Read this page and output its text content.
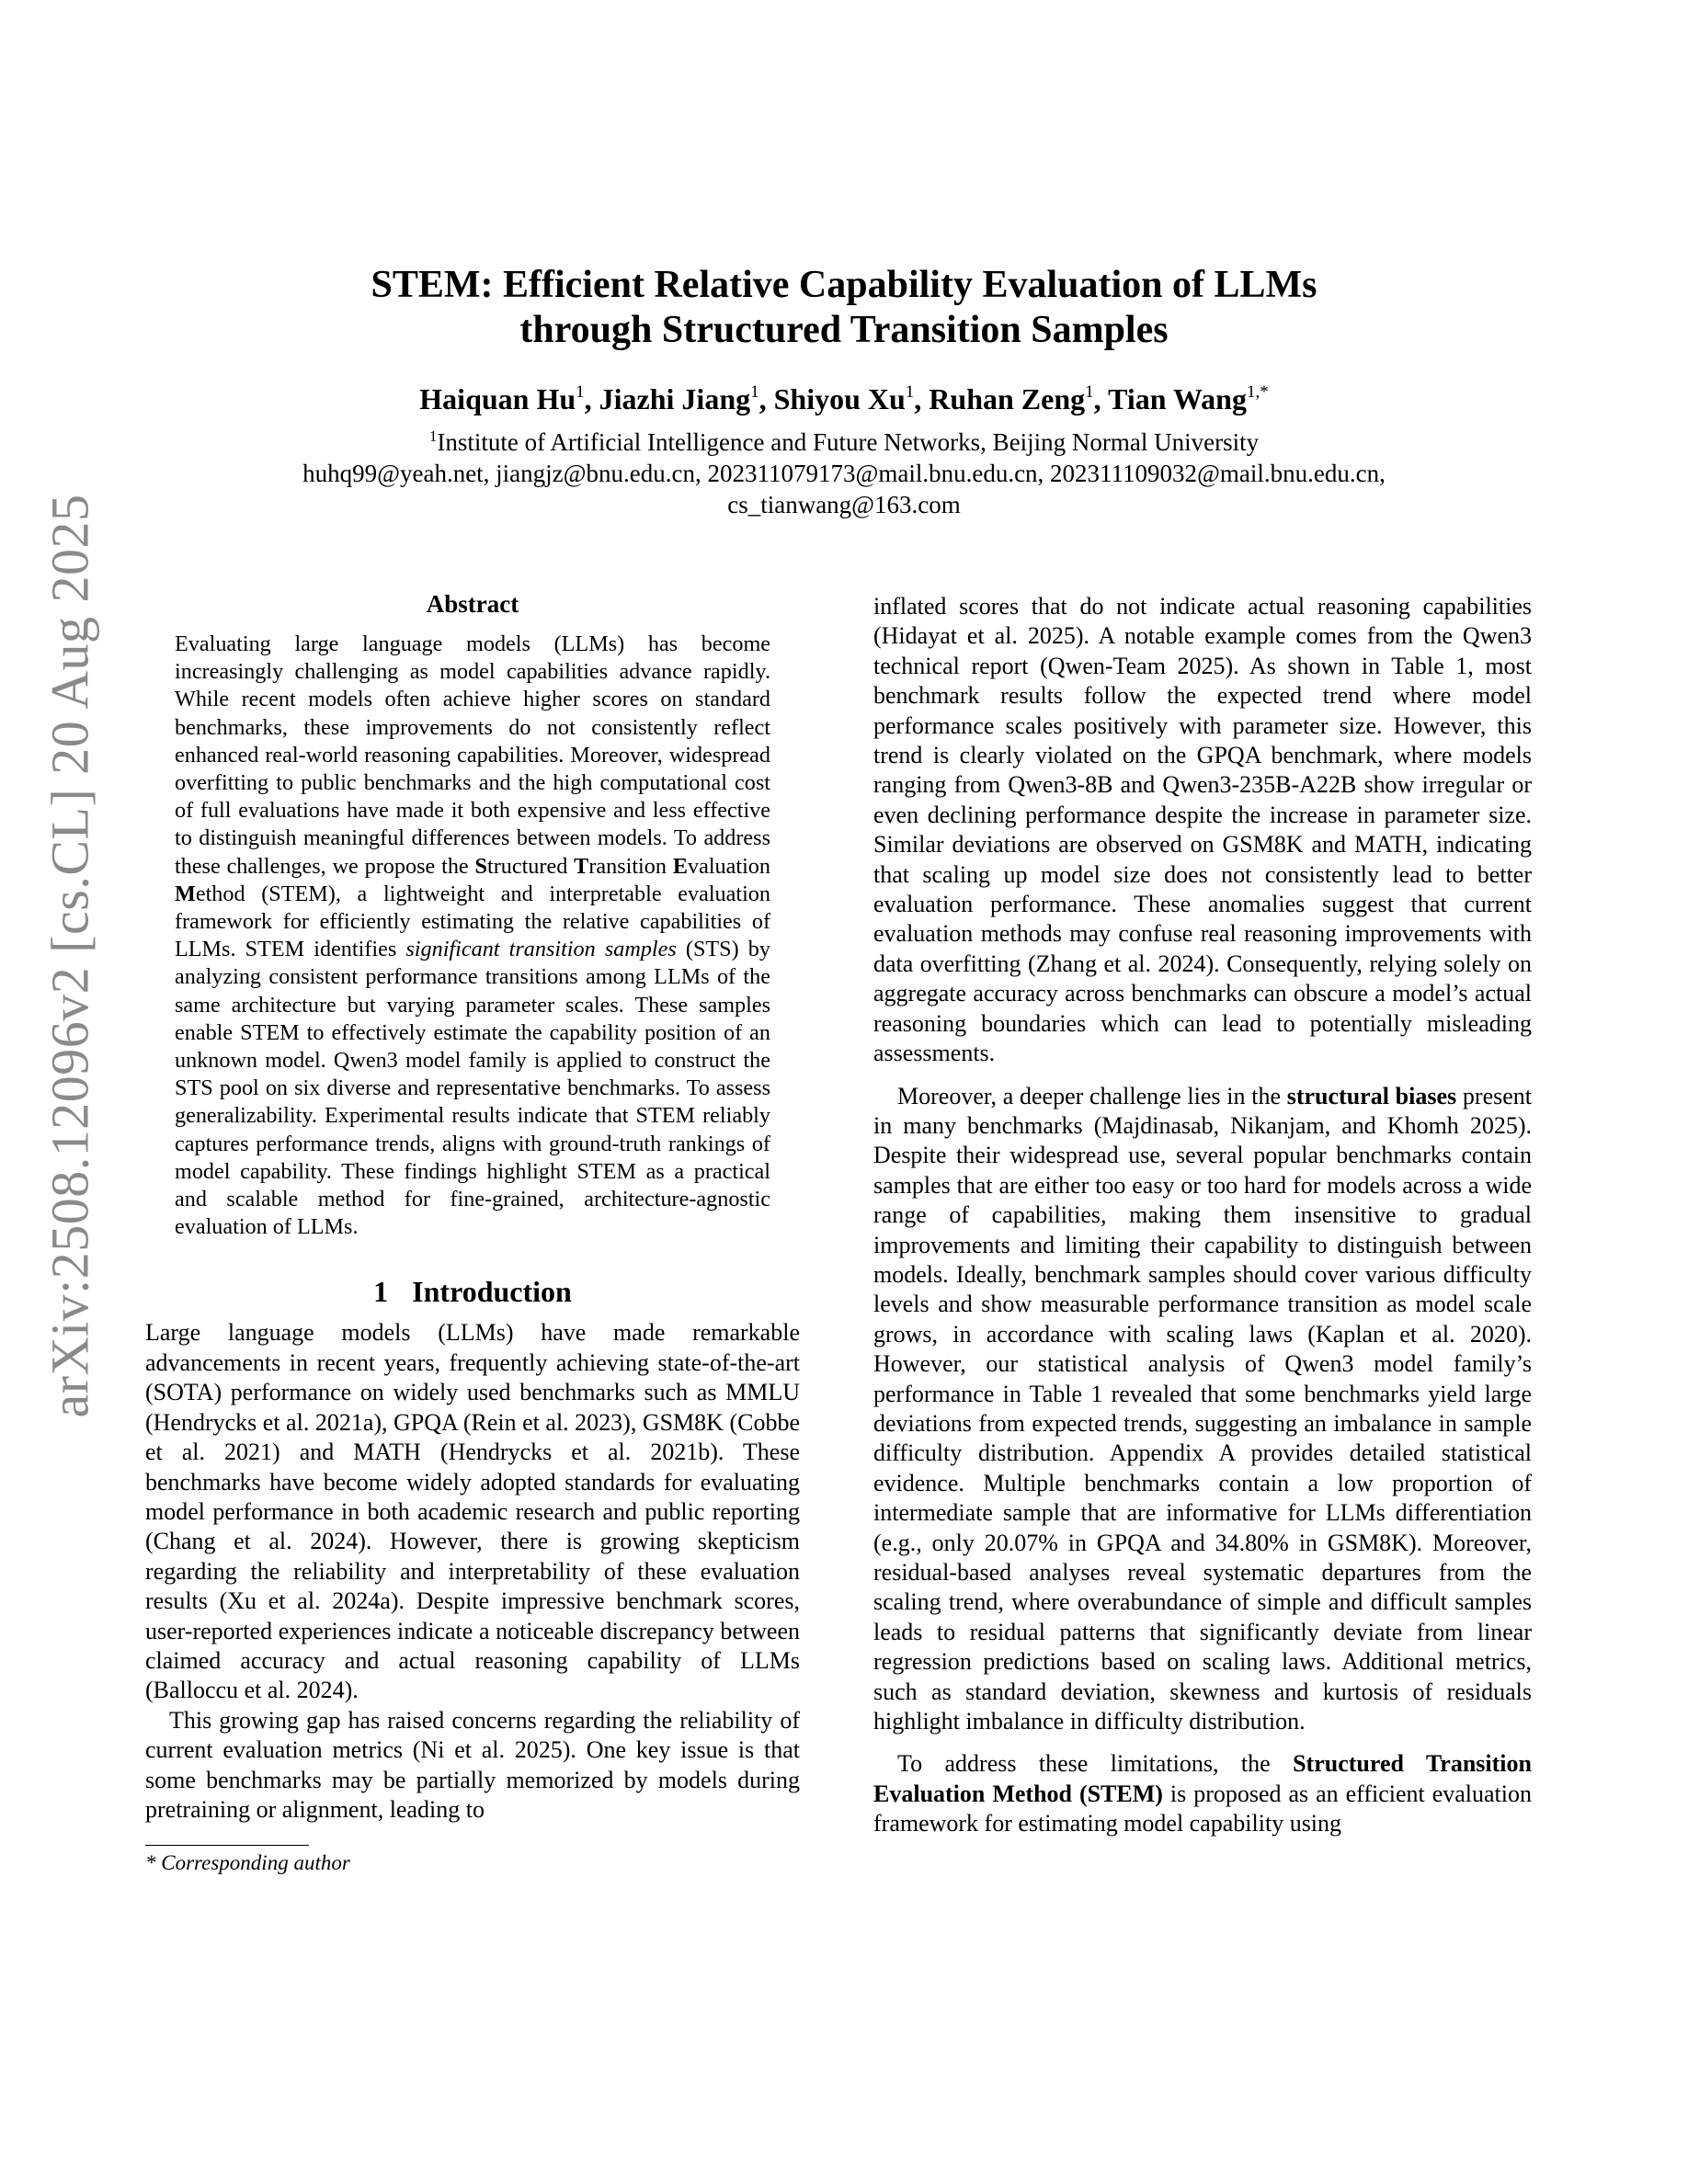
arXiv:2508.12096v2 [cs.CL] 20 Aug 2025
STEM: Efficient Relative Capability Evaluation of LLMs
through Structured Transition Samples
Haiquan Hu$^1$, Jiazhi Jiang$^1$, Shiyou Xu$^1$, Ruhan Zeng$^1$, Tian Wang$^{1,*}$
$^1$Institute of Artificial Intelligence and Future Networks, Beijing Normal University
huhq99@yeah.net, jiangjz@bnu.edu.cn, 202311079173@mail.bnu.edu.cn, 202311109032@mail.bnu.edu.cn,
cs_tianwang@163.com
Abstract
Evaluating large language models (LLMs) has become increasingly challenging as model capabilities advance rapidly. While recent models often achieve higher scores on standard benchmarks, these improvements do not consistently reflect enhanced real-world reasoning capabilities. Moreover, widespread overfitting to public benchmarks and the high computational cost of full evaluations have made it both expensive and less effective to distinguish meaningful differences between models. To address these challenges, we propose the Structured Transition Evaluation Method (STEM), a lightweight and interpretable evaluation framework for efficiently estimating the relative capabilities of LLMs. STEM identifies significant transition samples (STS) by analyzing consistent performance transitions among LLMs of the same architecture but varying parameter scales. These samples enable STEM to effectively estimate the capability position of an unknown model. Qwen3 model family is applied to construct the STS pool on six diverse and representative benchmarks. To assess generalizability. Experimental results indicate that STEM reliably captures performance trends, aligns with ground-truth rankings of model capability. These findings highlight STEM as a practical and scalable method for fine-grained, architecture-agnostic evaluation of LLMs.
1 Introduction

Large language models (LLMs) have made remarkable advancements in recent years, frequently achieving state-of-the-art (SOTA) performance on widely used benchmarks such as MMLU (Hendrycks et al. 2021a), GPQA (Rein et al. 2023), GSM8K (Cobbe et al. 2021) and MATH (Hendrycks et al. 2021b). These benchmarks have become widely adopted standards for evaluating model performance in both academic research and public reporting (Chang et al. 2024). However, there is growing skepticism regarding the reliability and interpretability of these evaluation results (Xu et al. 2024a). Despite impressive benchmark scores, user-reported experiences indicate a noticeable discrepancy between claimed accuracy and actual reasoning capability of LLMs (Balloccu et al. 2024).

This growing gap has raised concerns regarding the reliability of current evaluation metrics (Ni et al. 2025). One key issue is that some benchmarks may be partially memorized by models during pretraining or alignment, leading to

* Corresponding author

inflated scores that do not indicate actual reasoning capabilities (Hidayat et al. 2025). A notable example comes from the Qwen3 technical report (Qwen-Team 2025). As shown in Table 1, most benchmark results follow the expected trend where model performance scales positively with parameter size. However, this trend is clearly violated on the GPQA benchmark, where models ranging from Qwen3-8B and Qwen3-235B-A22B show irregular or even declining performance despite the increase in parameter size. Similar deviations are observed on GSM8K and MATH, indicating that scaling up model size does not consistently lead to better evaluation performance. These anomalies suggest that current evaluation methods may confuse real reasoning improvements with data overfitting (Zhang et al. 2024). Consequently, relying solely on aggregate accuracy across benchmarks can obscure a model’s actual reasoning boundaries which can lead to potentially misleading assessments.

Moreover, a deeper challenge lies in the structural biases present in many benchmarks (Majdinasab, Nikanjam, and Khomh 2025). Despite their widespread use, several popular benchmarks contain samples that are either too easy or too hard for models across a wide range of capabilities, making them insensitive to gradual improvements and limiting their capability to distinguish between models. Ideally, benchmark samples should cover various difficulty levels and show measurable performance transition as model scale grows, in accordance with scaling laws (Kaplan et al. 2020). However, our statistical analysis of Qwen3 model family’s performance in Table 1 revealed that some benchmarks yield large deviations from expected trends, suggesting an imbalance in sample difficulty distribution. Appendix A provides detailed statistical evidence. Multiple benchmarks contain a low proportion of intermediate sample that are informative for LLMs differentiation (e.g., only 20.07% in GPQA and 34.80% in GSM8K). Moreover, residual-based analyses reveal systematic departures from the scaling trend, where overabundance of simple and difficult samples leads to residual patterns that significantly deviate from linear regression predictions based on scaling laws. Additional metrics, such as standard deviation, skewness and kurtosis of residuals highlight imbalance in difficulty distribution.

To address these limitations, the Structured Transition Evaluation Method (STEM) is proposed as an efficient evaluation framework for estimating model capability using
